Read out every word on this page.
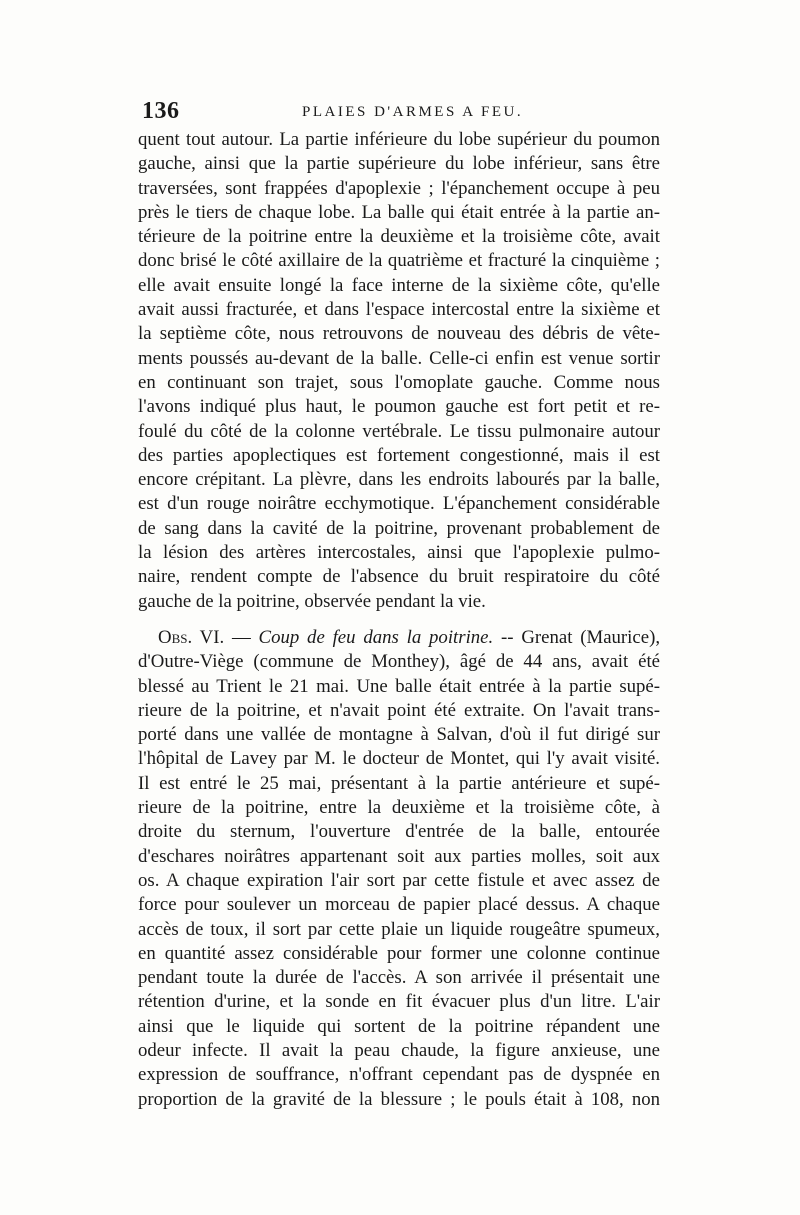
136	PLAIES D'ARMES A FEU.

quent tout autour. La partie inférieure du lobe supérieur du poumon
gauche, ainsi que la partie supérieure du lobe inférieur, sans être
traversées, sont frappées d'apoplexie ; l'épanchement occupe à peu
près le tiers de chaque lobe. La balle qui était entrée à la partie an-
térieure de la poitrine entre la deuxième et la troisième côte, avait
donc brisé le côté axillaire de la quatrième et fracturé la cinquième ;
elle avait ensuite longé la face interne de la sixième côte, qu'elle
avait aussi fracturée, et dans l'espace intercostal entre la sixième et
la septième côte, nous retrouvons de nouveau des débris de vête-
ments poussés au-devant de la balle. Celle-ci enfin est venue sortir
en continuant son trajet, sous l'omoplate gauche. Comme nous
l'avons indiqué plus haut, le poumon gauche est fort petit et re-
foulé du côté de la colonne vertébrale. Le tissu pulmonaire autour
des parties apoplectiques est fortement congestionné, mais il est
encore crépitant. La plèvre, dans les endroits labourés par la balle,
est d'un rouge noirâtre ecchymotique. L'épanchement considérable
de sang dans la cavité de la poitrine, provenant probablement de
la lésion des artères intercostales, ainsi que l'apoplexie pulmo-
naire, rendent compte de l'absence du bruit respiratoire du côté
gauche de la poitrine, observée pendant la vie.

Obs. VI. — Coup de feu dans la poitrine. -- Grenat (Maurice),
d'Outre-Viège (commune de Monthey), âgé de 44 ans, avait été
blessé au Trient le 21 mai. Une balle était entrée à la partie supé-
rieure de la poitrine, et n'avait point été extraite. On l'avait trans-
porté dans une vallée de montagne à Salvan, d'où il fut dirigé sur
l'hôpital de Lavey par M. le docteur de Montet, qui l'y avait visité.
Il est entré le 25 mai, présentant à la partie antérieure et supé-
rieure de la poitrine, entre la deuxième et la troisième côte, à
droite du sternum, l'ouverture d'entrée de la balle, entourée
d'eschares noirâtres appartenant soit aux parties molles, soit aux
os. A chaque expiration l'air sort par cette fistule et avec assez de
force pour soulever un morceau de papier placé dessus. A chaque
accès de toux, il sort par cette plaie un liquide rougeâtre spumeux,
en quantité assez considérable pour former une colonne continue
pendant toute la durée de l'accès. A son arrivée il présentait une
rétention d'urine, et la sonde en fit évacuer plus d'un litre. L'air
ainsi que le liquide qui sortent de la poitrine répandent une
odeur infecte. Il avait la peau chaude, la figure anxieuse, une
expression de souffrance, n'offrant cependant pas de dyspnée en
proportion de la gravité de la blessure ; le pouls était à 108, non
